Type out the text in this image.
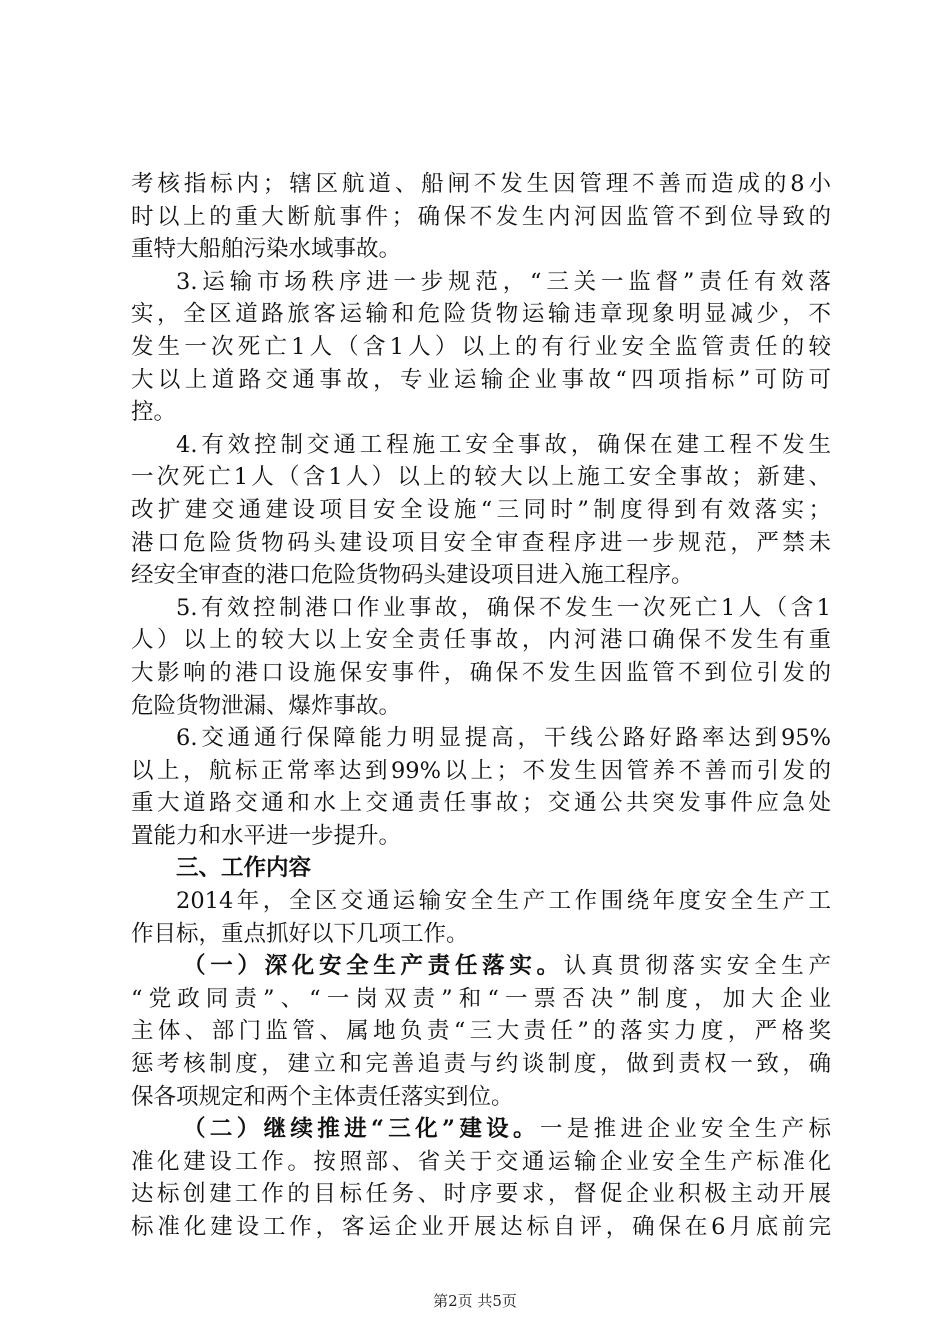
考核指标内；辖区航道、船闸不发生因管理不善而造成的8小
时以上的重大断航事件；确保不发生内河因监管不到位导致的
重特大船舶污染水域事故。
3.运输市场秩序进一步规范，“三关一监督”责任有效落
实，全区道路旅客运输和危险货物运输违章现象明显减少，不
发生一次死亡1人（含1人）以上的有行业安全监管责任的较
大以上道路交通事故，专业运输企业事故“四项指标”可防可
控。
4.有效控制交通工程施工安全事故，确保在建工程不发生
一次死亡1人（含1人）以上的较大以上施工安全事故；新建、
改扩建交通建设项目安全设施“三同时”制度得到有效落实；
港口危险货物码头建设项目安全审查程序进一步规范，严禁未
经安全审查的港口危险货物码头建设项目进入施工程序。
5.有效控制港口作业事故，确保不发生一次死亡1人（含1
人）以上的较大以上安全责任事故，内河港口确保不发生有重
大影响的港口设施保安事件，确保不发生因监管不到位引发的
危险货物泄漏、爆炸事故。
6.交通通行保障能力明显提高，干线公路好路率达到95%
以上，航标正常率达到99%以上；不发生因管养不善而引发的
重大道路交通和水上交通责任事故；交通公共突发事件应急处
置能力和水平进一步提升。
三、工作内容
2014年，全区交通运输安全生产工作围绕年度安全生产工
作目标，重点抓好以下几项工作。
（一）深化安全生产责任落实。认真贯彻落实安全生产
“党政同责”、“一岗双责”和“一票否决”制度，加大企业
主体、部门监管、属地负责“三大责任”的落实力度，严格奖
惩考核制度，建立和完善追责与约谈制度，做到责权一致，确
保各项规定和两个主体责任落实到位。
（二）继续推进“三化”建设。一是推进企业安全生产标
准化建设工作。按照部、省关于交通运输企业安全生产标准化
达标创建工作的目标任务、时序要求，督促企业积极主动开展
标准化建设工作，客运企业开展达标自评，确保在6月底前完
第2页 共5页
